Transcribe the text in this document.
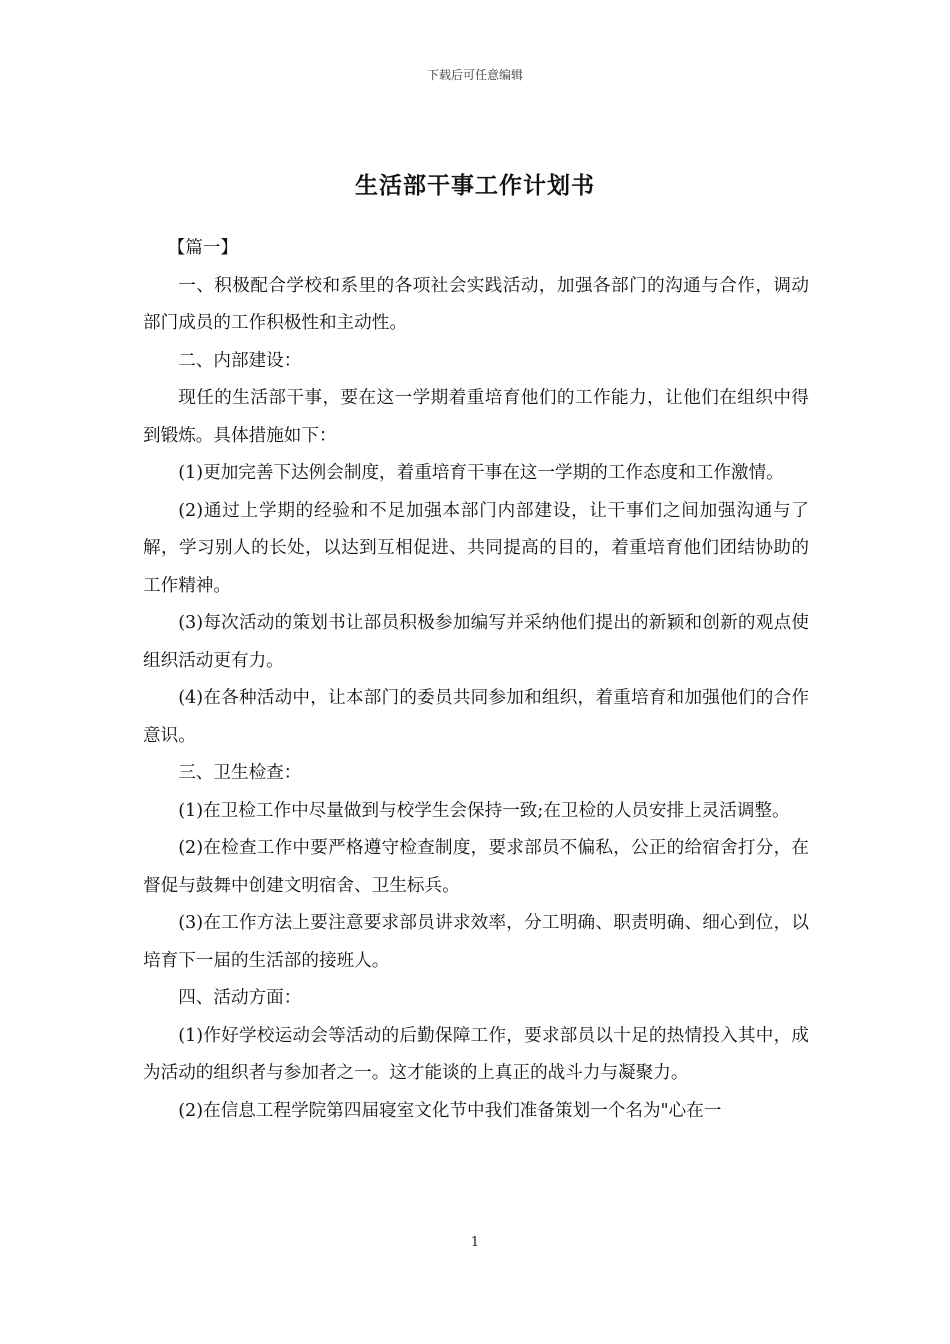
下载后可任意编辑
生活部干事工作计划书

【篇一】

一、积极配合学校和系里的各项社会实践活动，加强各部门的沟通与合作，调动部门成员的工作积极性和主动性。

二、内部建设：

现任的生活部干事，要在这一学期着重培育他们的工作能力，让他们在组织中得到锻炼。具体措施如下：

(1)更加完善下达例会制度，着重培育干事在这一学期的工作态度和工作激情。

(2)通过上学期的经验和不足加强本部门内部建设，让干事们之间加强沟通与了解，学习别人的长处，以达到互相促进、共同提高的目的，着重培育他们团结协助的工作精神。

(3)每次活动的策划书让部员积极参加编写并采纳他们提出的新颖和创新的观点使组织活动更有力。

(4)在各种活动中，让本部门的委员共同参加和组织，着重培育和加强他们的合作意识。

三、卫生检查：

(1)在卫检工作中尽量做到与校学生会保持一致;在卫检的人员安排上灵活调整。

(2)在检查工作中要严格遵守检查制度，要求部员不偏私，公正的给宿舍打分，在督促与鼓舞中创建文明宿舍、卫生标兵。

(3)在工作方法上要注意要求部员讲求效率，分工明确、职责明确、细心到位，以培育下一届的生活部的接班人。

四、活动方面：

(1)作好学校运动会等活动的后勤保障工作，要求部员以十足的热情投入其中，成为活动的组织者与参加者之一。这才能谈的上真正的战斗力与凝聚力。

(2)在信息工程学院第四届寝室文化节中我们准备策划一个名为"心在一

1
